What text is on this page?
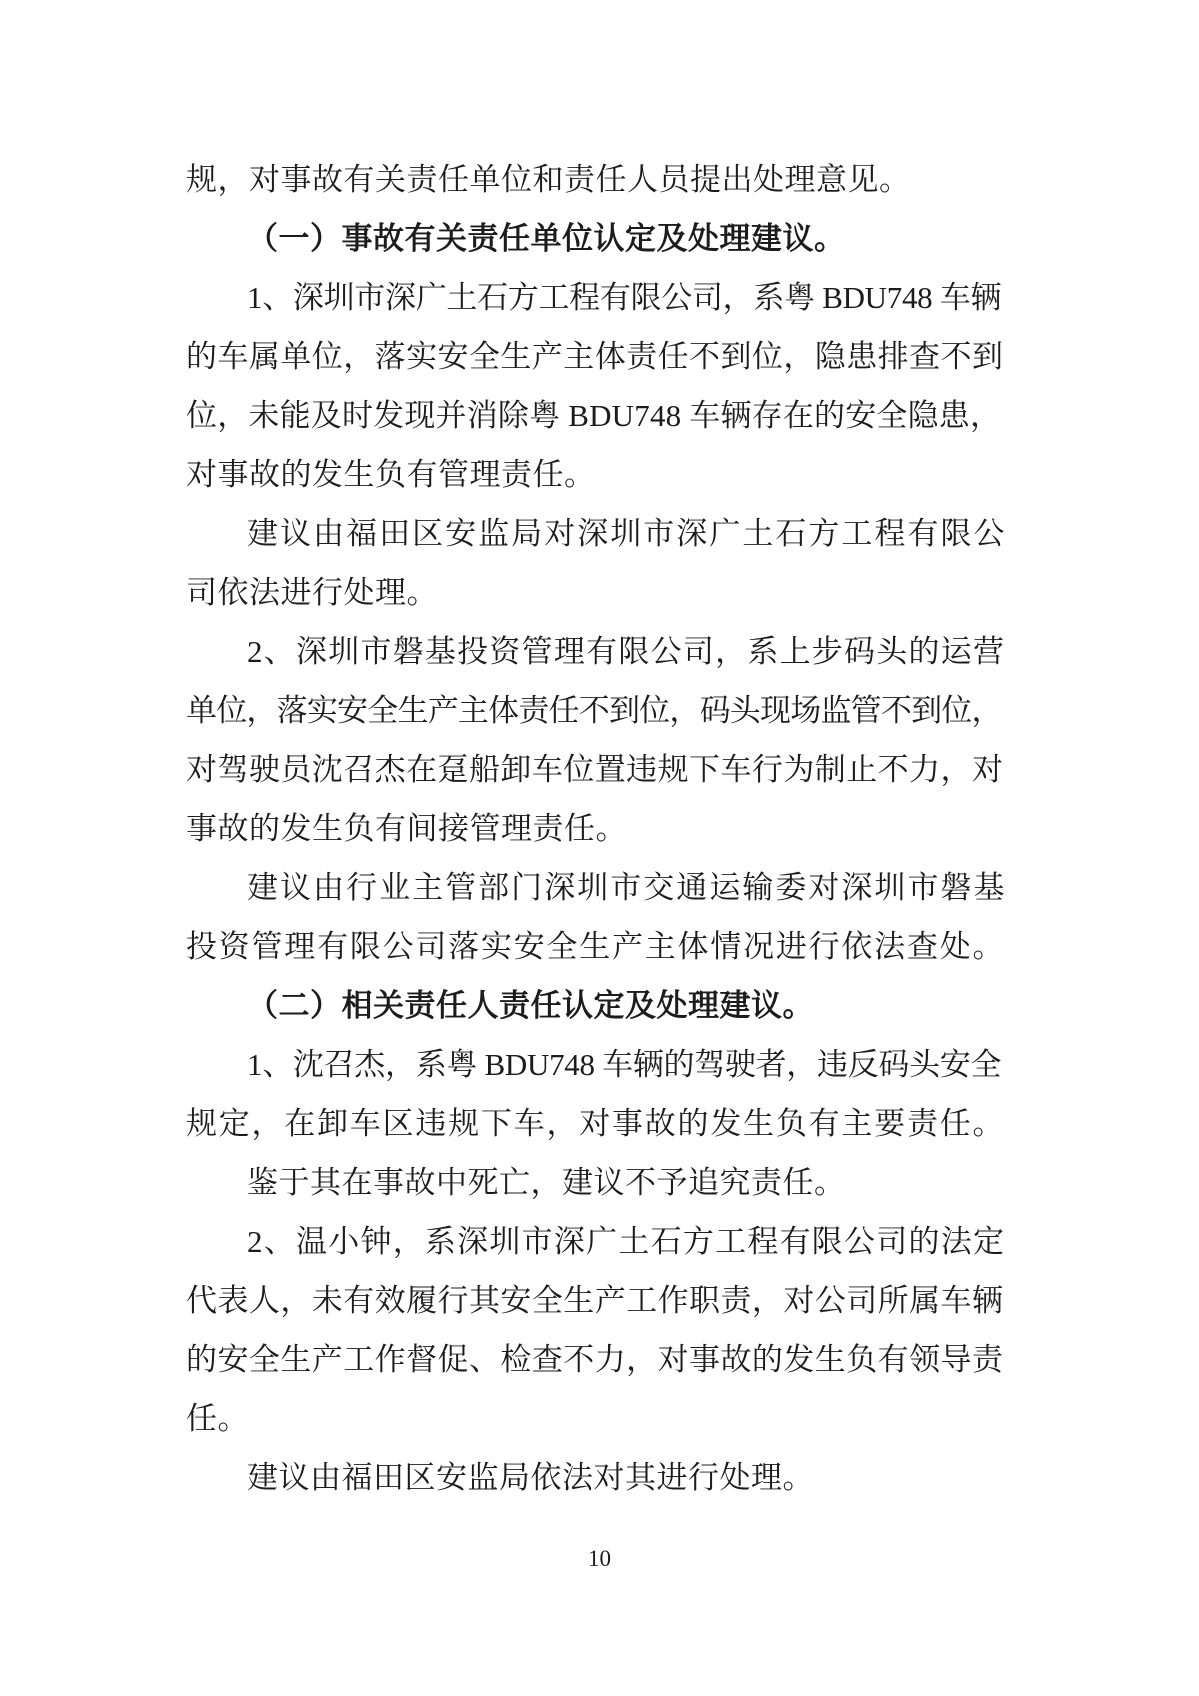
规，对事故有关责任单位和责任人员提出处理意见。
（一）事故有关责任单位认定及处理建议。
1、深圳市深广土石方工程有限公司，系粤 BDU748 车辆
的车属单位，落实安全生产主体责任不到位，隐患排查不到
位，未能及时发现并消除粤 BDU748 车辆存在的安全隐患，
对事故的发生负有管理责任。
建议由福田区安监局对深圳市深广土石方工程有限公
司依法进行处理。
2、深圳市磐基投资管理有限公司，系上步码头的运营
单位，落实安全生产主体责任不到位，码头现场监管不到位，
对驾驶员沈召杰在趸船卸车位置违规下车行为制止不力，对
事故的发生负有间接管理责任。
建议由行业主管部门深圳市交通运输委对深圳市磐基
投资管理有限公司落实安全生产主体情况进行依法查处。
（二）相关责任人责任认定及处理建议。
1、沈召杰，系粤 BDU748 车辆的驾驶者，违反码头安全
规定，在卸车区违规下车，对事故的发生负有主要责任。
鉴于其在事故中死亡，建议不予追究责任。
2、温小钟，系深圳市深广土石方工程有限公司的法定
代表人，未有效履行其安全生产工作职责，对公司所属车辆
的安全生产工作督促、检查不力，对事故的发生负有领导责
任。
建议由福田区安监局依法对其进行处理。
10
